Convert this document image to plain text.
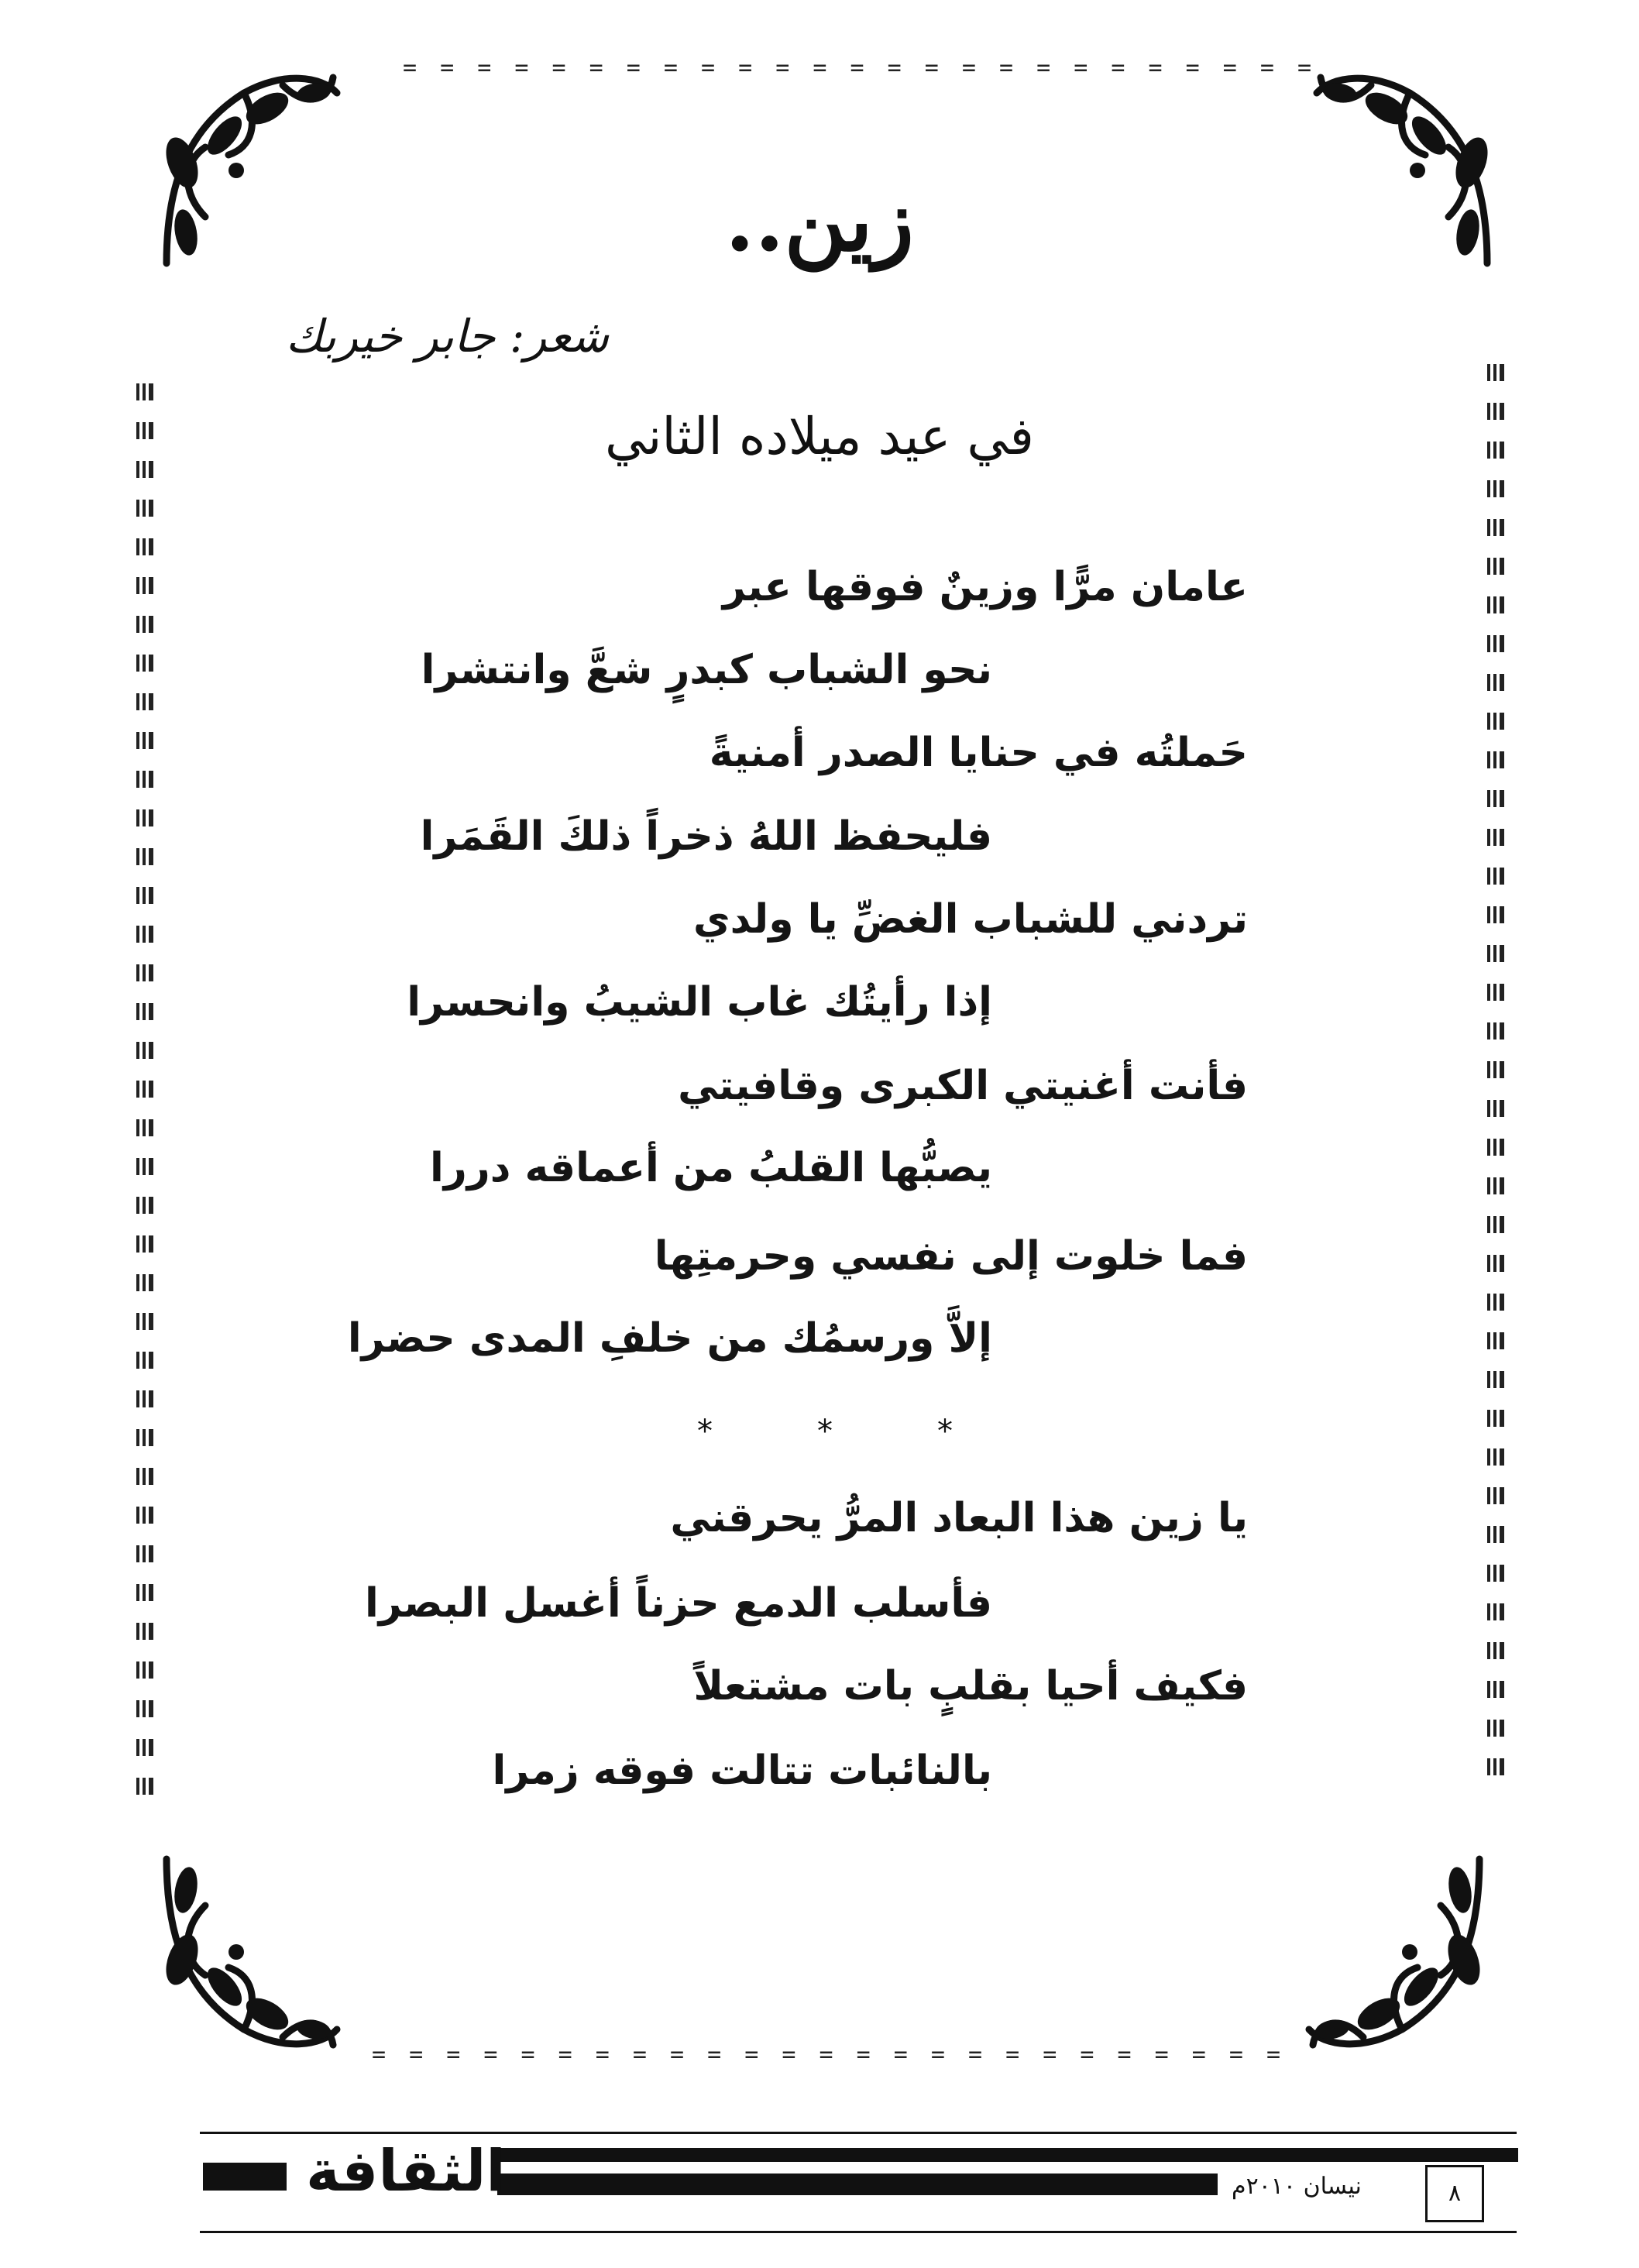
= = = = = = = = = = = = = = = = = = = = = = = = =
= = = = = = = = = = = = = = = = = = = = = = = = =
زين..
شعر: جابر خيربك
في عيد ميلاده الثاني
عامان مرًّا وزينٌ فوقها عبر
نحو الشباب كبدرٍ شعَّ وانتشرا
حَملتُه في حنايا الصدر أمنيةً
فليحفظ اللهُ ذخراً ذلكَ القَمَرا
تردني للشباب الغضِّ يا ولدي
إذا رأيتُك غاب الشيبُ وانحسرا
فأنت أغنيتي الكبرى وقافيتي
يصبُّها القلبُ من أعماقه دررا
فما خلوت إلى نفسي وحرمتِها
إلاَّ ورسمُك من خلفِ المدى حضرا
*	*	*
يا زين هذا البعاد المرُّ يحرقني
فأسلب الدمع حزناً أغسل البصرا
فكيف أحيا بقلبٍ بات مشتعلاً
بالنائبات تتالت فوقه زمرا
الثقافة	نيسان ٢٠١٠م	٨
